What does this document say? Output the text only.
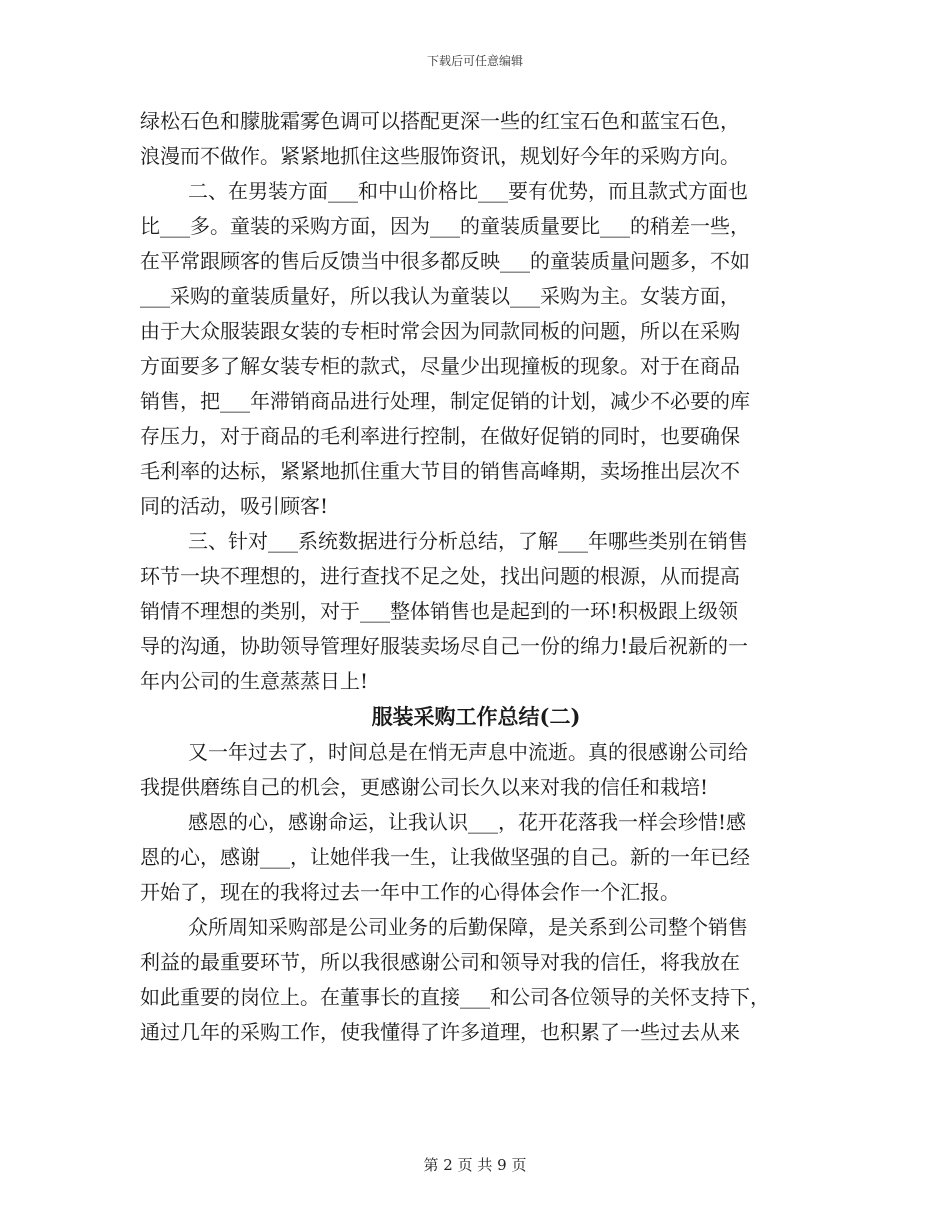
下载后可任意编辑
绿松石色和朦胧霜雾色调可以搭配更深一些的红宝石色和蓝宝石色，
浪漫而不做作。紧紧地抓住这些服饰资讯，规划好今年的采购方向。
二、在男装方面___和中山价格比___要有优势，而且款式方面也
比___多。童装的采购方面，因为___的童装质量要比___的稍差一些，
在平常跟顾客的售后反馈当中很多都反映___的童装质量问题多，不如
___采购的童装质量好，所以我认为童装以___采购为主。女装方面，
由于大众服装跟女装的专柜时常会因为同款同板的问题，所以在采购
方面要多了解女装专柜的款式，尽量少出现撞板的现象。对于在商品
销售，把___年滞销商品进行处理，制定促销的计划，减少不必要的库
存压力，对于商品的毛利率进行控制，在做好促销的同时，也要确保
毛利率的达标，紧紧地抓住重大节目的销售高峰期，卖场推出层次不
同的活动，吸引顾客!
三、针对___系统数据进行分析总结，了解___年哪些类别在销售
环节一块不理想的，进行查找不足之处，找出问题的根源，从而提高
销情不理想的类别，对于___整体销售也是起到的一环!积极跟上级领
导的沟通，协助领导管理好服装卖场尽自己一份的绵力!最后祝新的一
年内公司的生意蒸蒸日上!
服装采购工作总结(二)
又一年过去了，时间总是在悄无声息中流逝。真的很感谢公司给
我提供磨练自己的机会，更感谢公司长久以来对我的信任和栽培!
感恩的心，感谢命运，让我认识___，花开花落我一样会珍惜!感
恩的心，感谢___，让她伴我一生，让我做坚强的自己。新的一年已经
开始了，现在的我将过去一年中工作的心得体会作一个汇报。
众所周知采购部是公司业务的后勤保障，是关系到公司整个销售
利益的最重要环节，所以我很感谢公司和领导对我的信任，将我放在
如此重要的岗位上。在董事长的直接___和公司各位领导的关怀支持下，
通过几年的采购工作，使我懂得了许多道理，也积累了一些过去从来
第 2 页 共 9 页
